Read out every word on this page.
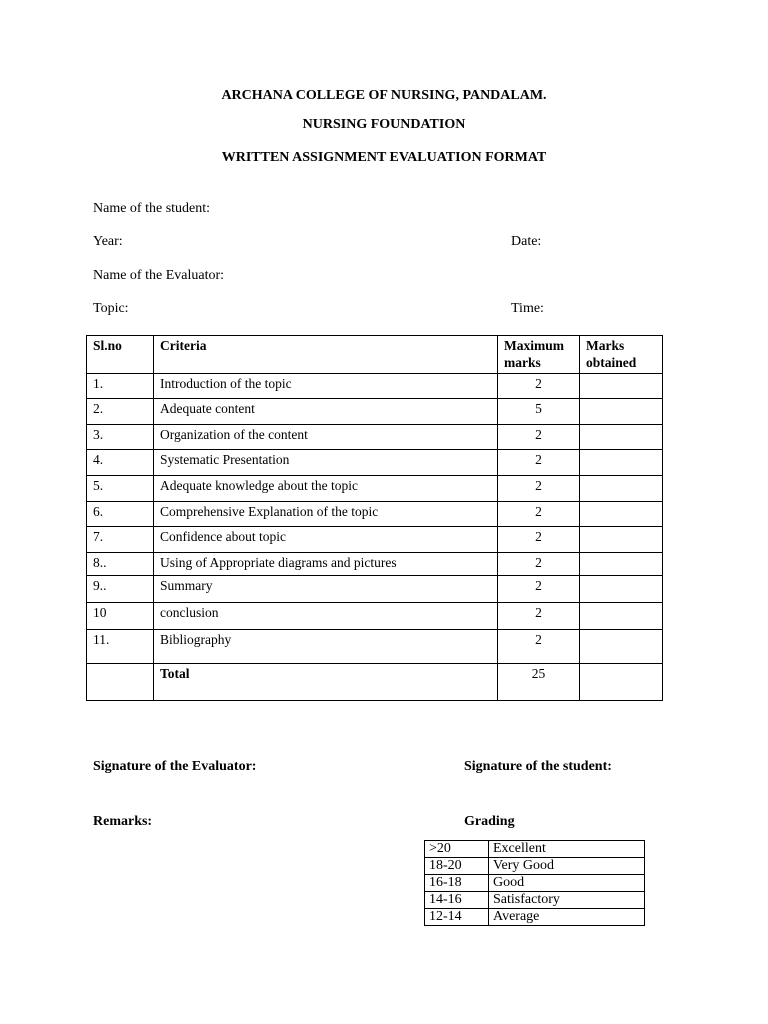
ARCHANA COLLEGE OF NURSING, PANDALAM.
NURSING FOUNDATION
WRITTEN ASSIGNMENT EVALUATION FORMAT
Name of the student:
Year:	Date:
Name of the Evaluator:
Topic:	Time:
Sl.no	Criteria	Maximum marks	Marks obtained
1.	Introduction of the topic	2	
2.	Adequate content	5	
3.	Organization of the content	2	
4.	Systematic Presentation	2	
5.	Adequate knowledge about the topic	2	
6.	Comprehensive Explanation of the topic	2	
7.	Confidence about topic	2	
8..	Using of Appropriate diagrams and pictures	2	
9..	Summary	2	
10	conclusion	2	
11.	Bibliography	2	
	Total	25	
Signature of the Evaluator:	Signature of the student:
Remarks:	Grading
>20	Excellent
18-20	Very Good
16-18	Good
14-16	Satisfactory
12-14	Average
